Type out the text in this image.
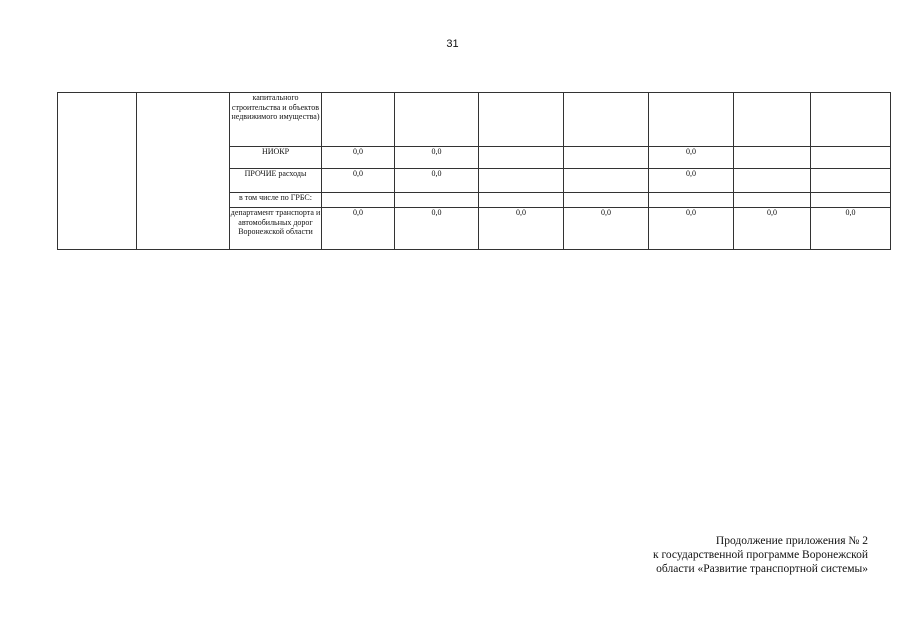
31
		капитального строительства и объектов недвижимого имущества)							
		НИОКР	0,0	0,0			0,0		
		ПРОЧИЕ расходы	0,0	0,0			0,0		
		в том числе по ГРБС:							
		департамент транспорта и автомобильных дорог Воронежской области	0,0	0,0	0,0	0,0	0,0	0,0	0,0
Продолжение приложения № 2
к государственной программе Воронежской
области «Развитие транспортной системы»
